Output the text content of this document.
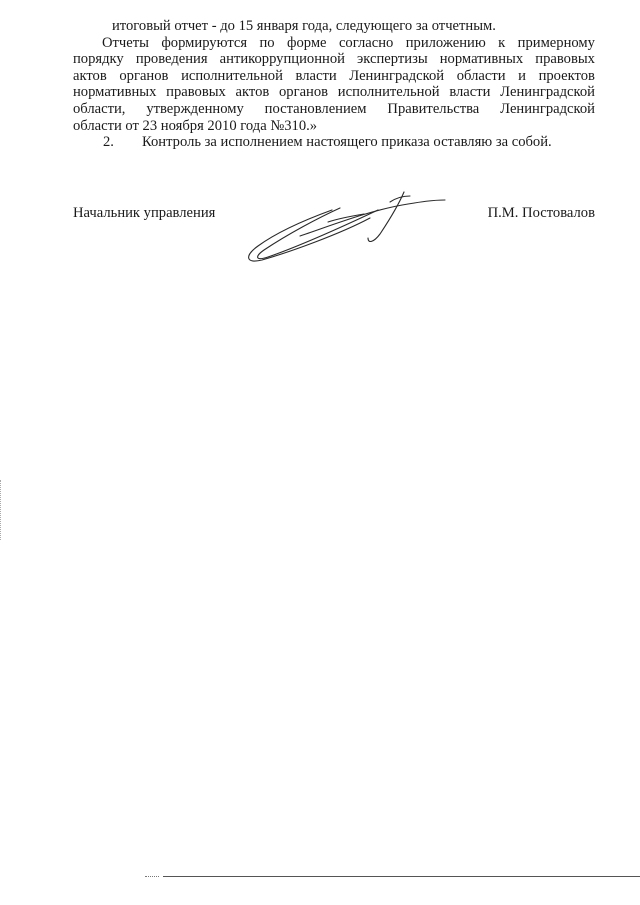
итоговый отчет - до 15 января года, следующего за отчетным.
Отчеты формируются по форме согласно приложению к примерному
порядку проведения антикоррупционной экспертизы нормативных правовых
актов органов исполнительной власти Ленинградской области и проектов
нормативных правовых актов органов исполнительной власти Ленинградской
области, утвержденному постановлением Правительства Ленинградской
области от 23 ноября 2010 года №310.»
2. Контроль за исполнением настоящего приказа оставляю за собой.
Начальник управления	П.М. Постовалов
